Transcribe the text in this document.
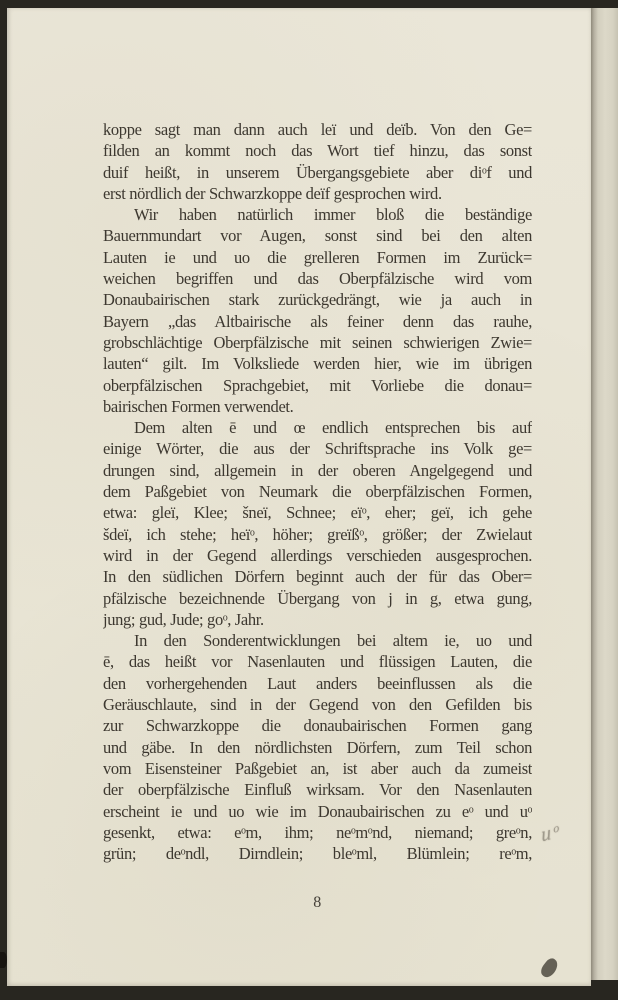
koppe sagt man dann auch leï und deïb. Von den Ge=
filden an kommt noch das Wort tief hinzu, das sonst
duif heißt, in unserem Übergangsgebiete aber diᵒf und
erst nördlich der Schwarzkoppe deïf gesprochen wird.
Wir haben natürlich immer bloß die beständige
Bauernmundart vor Augen, sonst sind bei den alten
Lauten ie und uo die grelleren Formen im Zurück=
weichen begriffen und das Oberpfälzische wird vom
Donaubairischen stark zurückgedrängt, wie ja auch in
Bayern „das Altbairische als feiner denn das rauhe,
grobschlächtige Oberpfälzische mit seinen schwierigen Zwie=
lauten“ gilt. Im Volksliede werden hier, wie im übrigen
oberpfälzischen Sprachgebiet, mit Vorliebe die donau=
bairischen Formen verwendet.
Dem alten ē und œ endlich entsprechen bis auf
einige Wörter, die aus der Schriftsprache ins Volk ge=
drungen sind, allgemein in der oberen Angelgegend und
dem Paßgebiet von Neumark die oberpfälzischen Formen,
etwa: gleï, Klee; šneï, Schnee; eïᵒ, eher; geï, ich gehe
šdeï, ich stehe; heïᵒ, höher; greïßᵒ, größer; der Zwielaut
wird in der Gegend allerdings verschieden ausgesprochen.
In den südlichen Dörfern beginnt auch der für das Ober=
pfälzische bezeichnende Übergang von j in g, etwa gung,
jung; gud, Jude; goᵒ, Jahr.
In den Sonderentwicklungen bei altem ie, uo und
ē, das heißt vor Nasenlauten und flüssigen Lauten, die
den vorhergehenden Laut anders beeinflussen als die
Geräuschlaute, sind in der Gegend von den Gefilden bis
zur Schwarzkoppe die donaubairischen Formen gang
und gäbe. In den nördlichsten Dörfern, zum Teil schon
vom Eisensteiner Paßgebiet an, ist aber auch da zumeist
der oberpfälzische Einfluß wirksam. Vor den Nasenlauten
erscheint ie und uo wie im Donaubairischen zu eᵒ und uᵒ
gesenkt, etwa: eᵒm, ihm; neᵒmᵒnd, niemand; greᵒn,
grün; deᵒndl, Dirndlein; bleᵒml, Blümlein; reᵒm,
8
uᵒ
